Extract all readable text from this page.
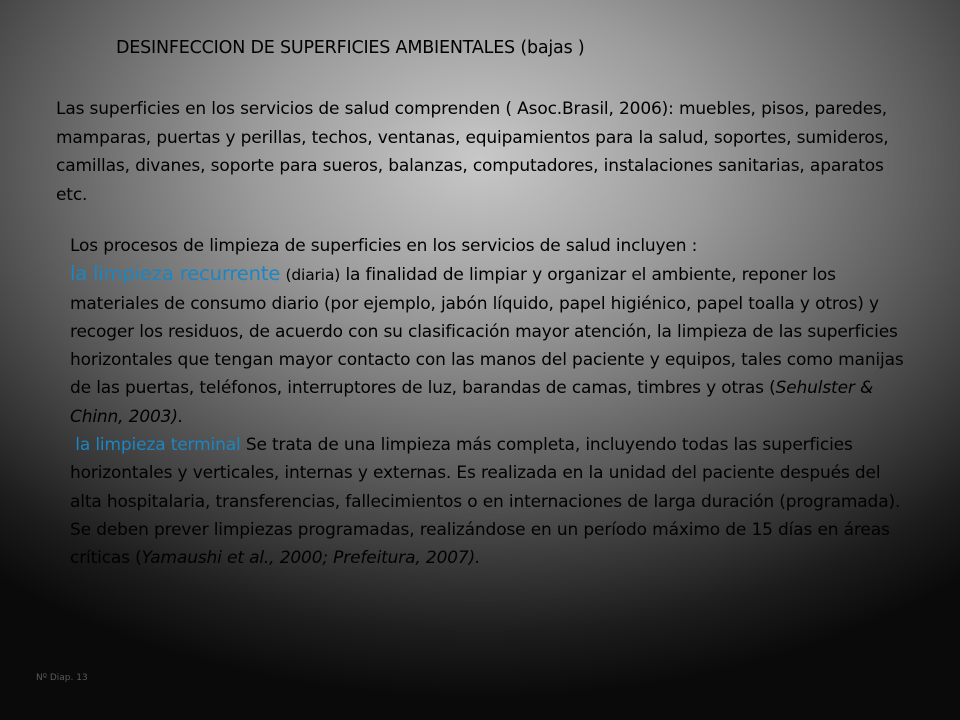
DESINFECCION DE SUPERFICIES AMBIENTALES (bajas )
Las superficies en los servicios de salud comprenden ( Asoc.Brasil, 2006): muebles, pisos, paredes, mamparas, puertas y perillas, techos, ventanas, equipamientos para la salud, soportes, sumideros, camillas, divanes, soporte para sueros, balanzas, computadores, instalaciones sanitarias, aparatos etc.

Los procesos de limpieza de superficies en los servicios de salud incluyen :

la limpieza recurrente (diaria) la finalidad de limpiar y organizar el ambiente, reponer los materiales de consumo diario (por ejemplo, jabón líquido, papel higiénico, papel toalla y otros) y recoger los residuos, de acuerdo con su clasificación mayor atención, la limpieza de las superficies horizontales que tengan mayor contacto con las manos del paciente y equipos, tales como manijas de las puertas, teléfonos, interruptores de luz, barandas de camas, timbres y otras (Sehulster & Chinn, 2003).

la limpieza terminal Se trata de una limpieza más completa, incluyendo todas las superficies horizontales y verticales, internas y externas. Es realizada en la unidad del paciente después del alta hospitalaria, transferencias, fallecimientos o en internaciones de larga duración (programada). Se deben prever limpiezas programadas, realizándose en un período máximo de 15 días en áreas críticas (Yamaushi et al., 2000; Prefeitura, 2007).

Nº Diap. 13
